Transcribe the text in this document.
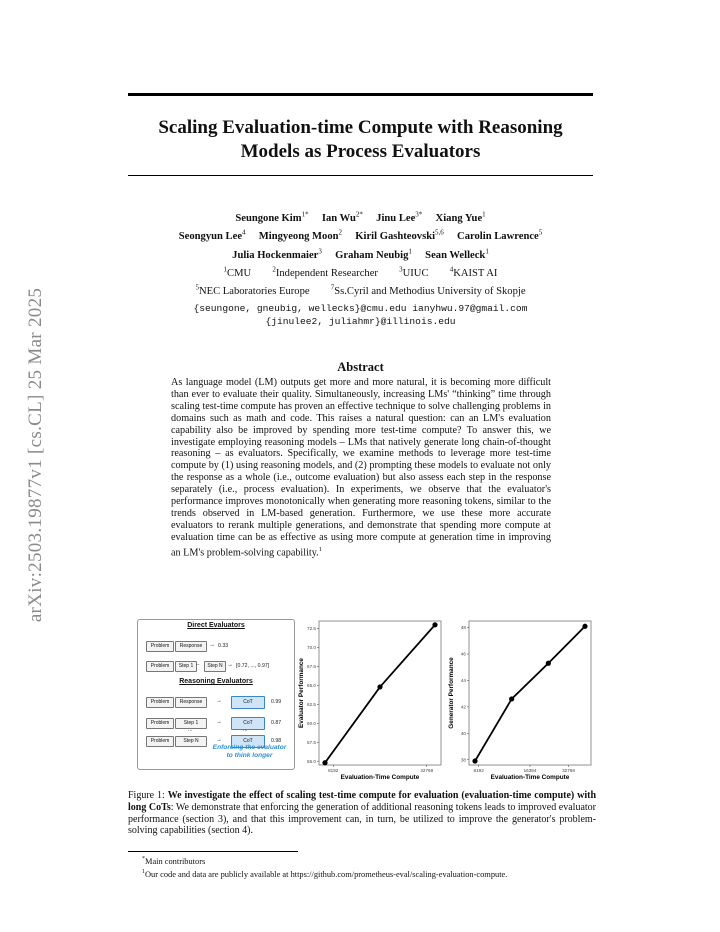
arXiv:2503.19877v1 [cs.CL] 25 Mar 2025
Scaling Evaluation-time Compute with Reasoning Models as Process Evaluators
Seungone Kim$^{1*}$  Ian $Wu^{2*}$  Jinu Lee$^{3*}$  Xiang Yue$^1$
Seongyun Lee$^4$  Mingyeong Moon$^2$  Kiril Gashteovski$^{5,6}$  Carolin Lawrence$^5$
Julia Hockenmaier$^3$  Graham Neubig$^1$  Sean Welleck$^1$
$^1$CMU  	$^2$Independent Researcher  	$^3$UIUC  	$^4$KAIST AI
$^5$NEC Laboratories Europe  	$^7$Ss.Cyril and Methodius University of Skopje
{seungone, gneubig, wellecks}@cmu.edu ianyhwu.97@gmail.com
{jinulee2, juliahmr}@illinois.edu
Abstract
As language model (LM) outputs get more and more natural, it is becoming more difficult than ever to evaluate their quality. Simultaneously, increasing LMs' “thinking” time through scaling test-time compute has proven an effective technique to solve challenging problems in domains such as math and code. This raises a natural question: can an LM's evaluation capability also be improved by spending more test-time compute? To answer this, we investigate employing reasoning models – LMs that natively generate long chain-of-thought reasoning – as evaluators. Specifically, we examine methods to leverage more test-time compute by (1) using reasoning models, and (2) prompting these models to evaluate not only the response as a whole (i.e., outcome evaluation) but also assess each step in the response separately (i.e., process evaluation). In experiments, we observe that the evaluator's performance improves monotonically when generating more reasoning tokens, similar to the trends observed in LM-based generation. Furthermore, we use these more accurate evaluators to rerank multiple generations, and demonstrate that spending more compute at evaluation time can be as effective as using more compute at generation time in improving an LM's problem-solving capability.$^1$
Direct Evaluators
Problem	Response	→ 0.33
Problem	Step 1 --	Step N → [0.72, ..., 0.97]
Reasoning Evaluators
Problem	Response	→	CoT	0.99
Problem	Step 1	→	CoT	0.87
...	...
Problem	Step N	→	CoT	0.98
Enforcing the evaluator
to think longer
55.0
57.5
60.0
62.5
65.0
67.5
70.0
72.5
8192	32768
Evaluation-Time Compute
Evaluator Performance
38
40
42
44
46
48
8192	16384	32768
Evaluation-Time Compute
Generator Performance
Figure 1: We investigate the effect of scaling test-time compute for evaluation (evaluation-time compute) with long CoTs: We demonstrate that enforcing the generation of additional reasoning tokens leads to improved evaluator performance (section 3), and that this improvement can, in turn, be utilized to improve the generator's problem-solving capabilities (section 4).
*Main contributors
$^1$Our code and data are publicly available at https://github.com/prometheus-eval/scaling-evaluation-compute.
